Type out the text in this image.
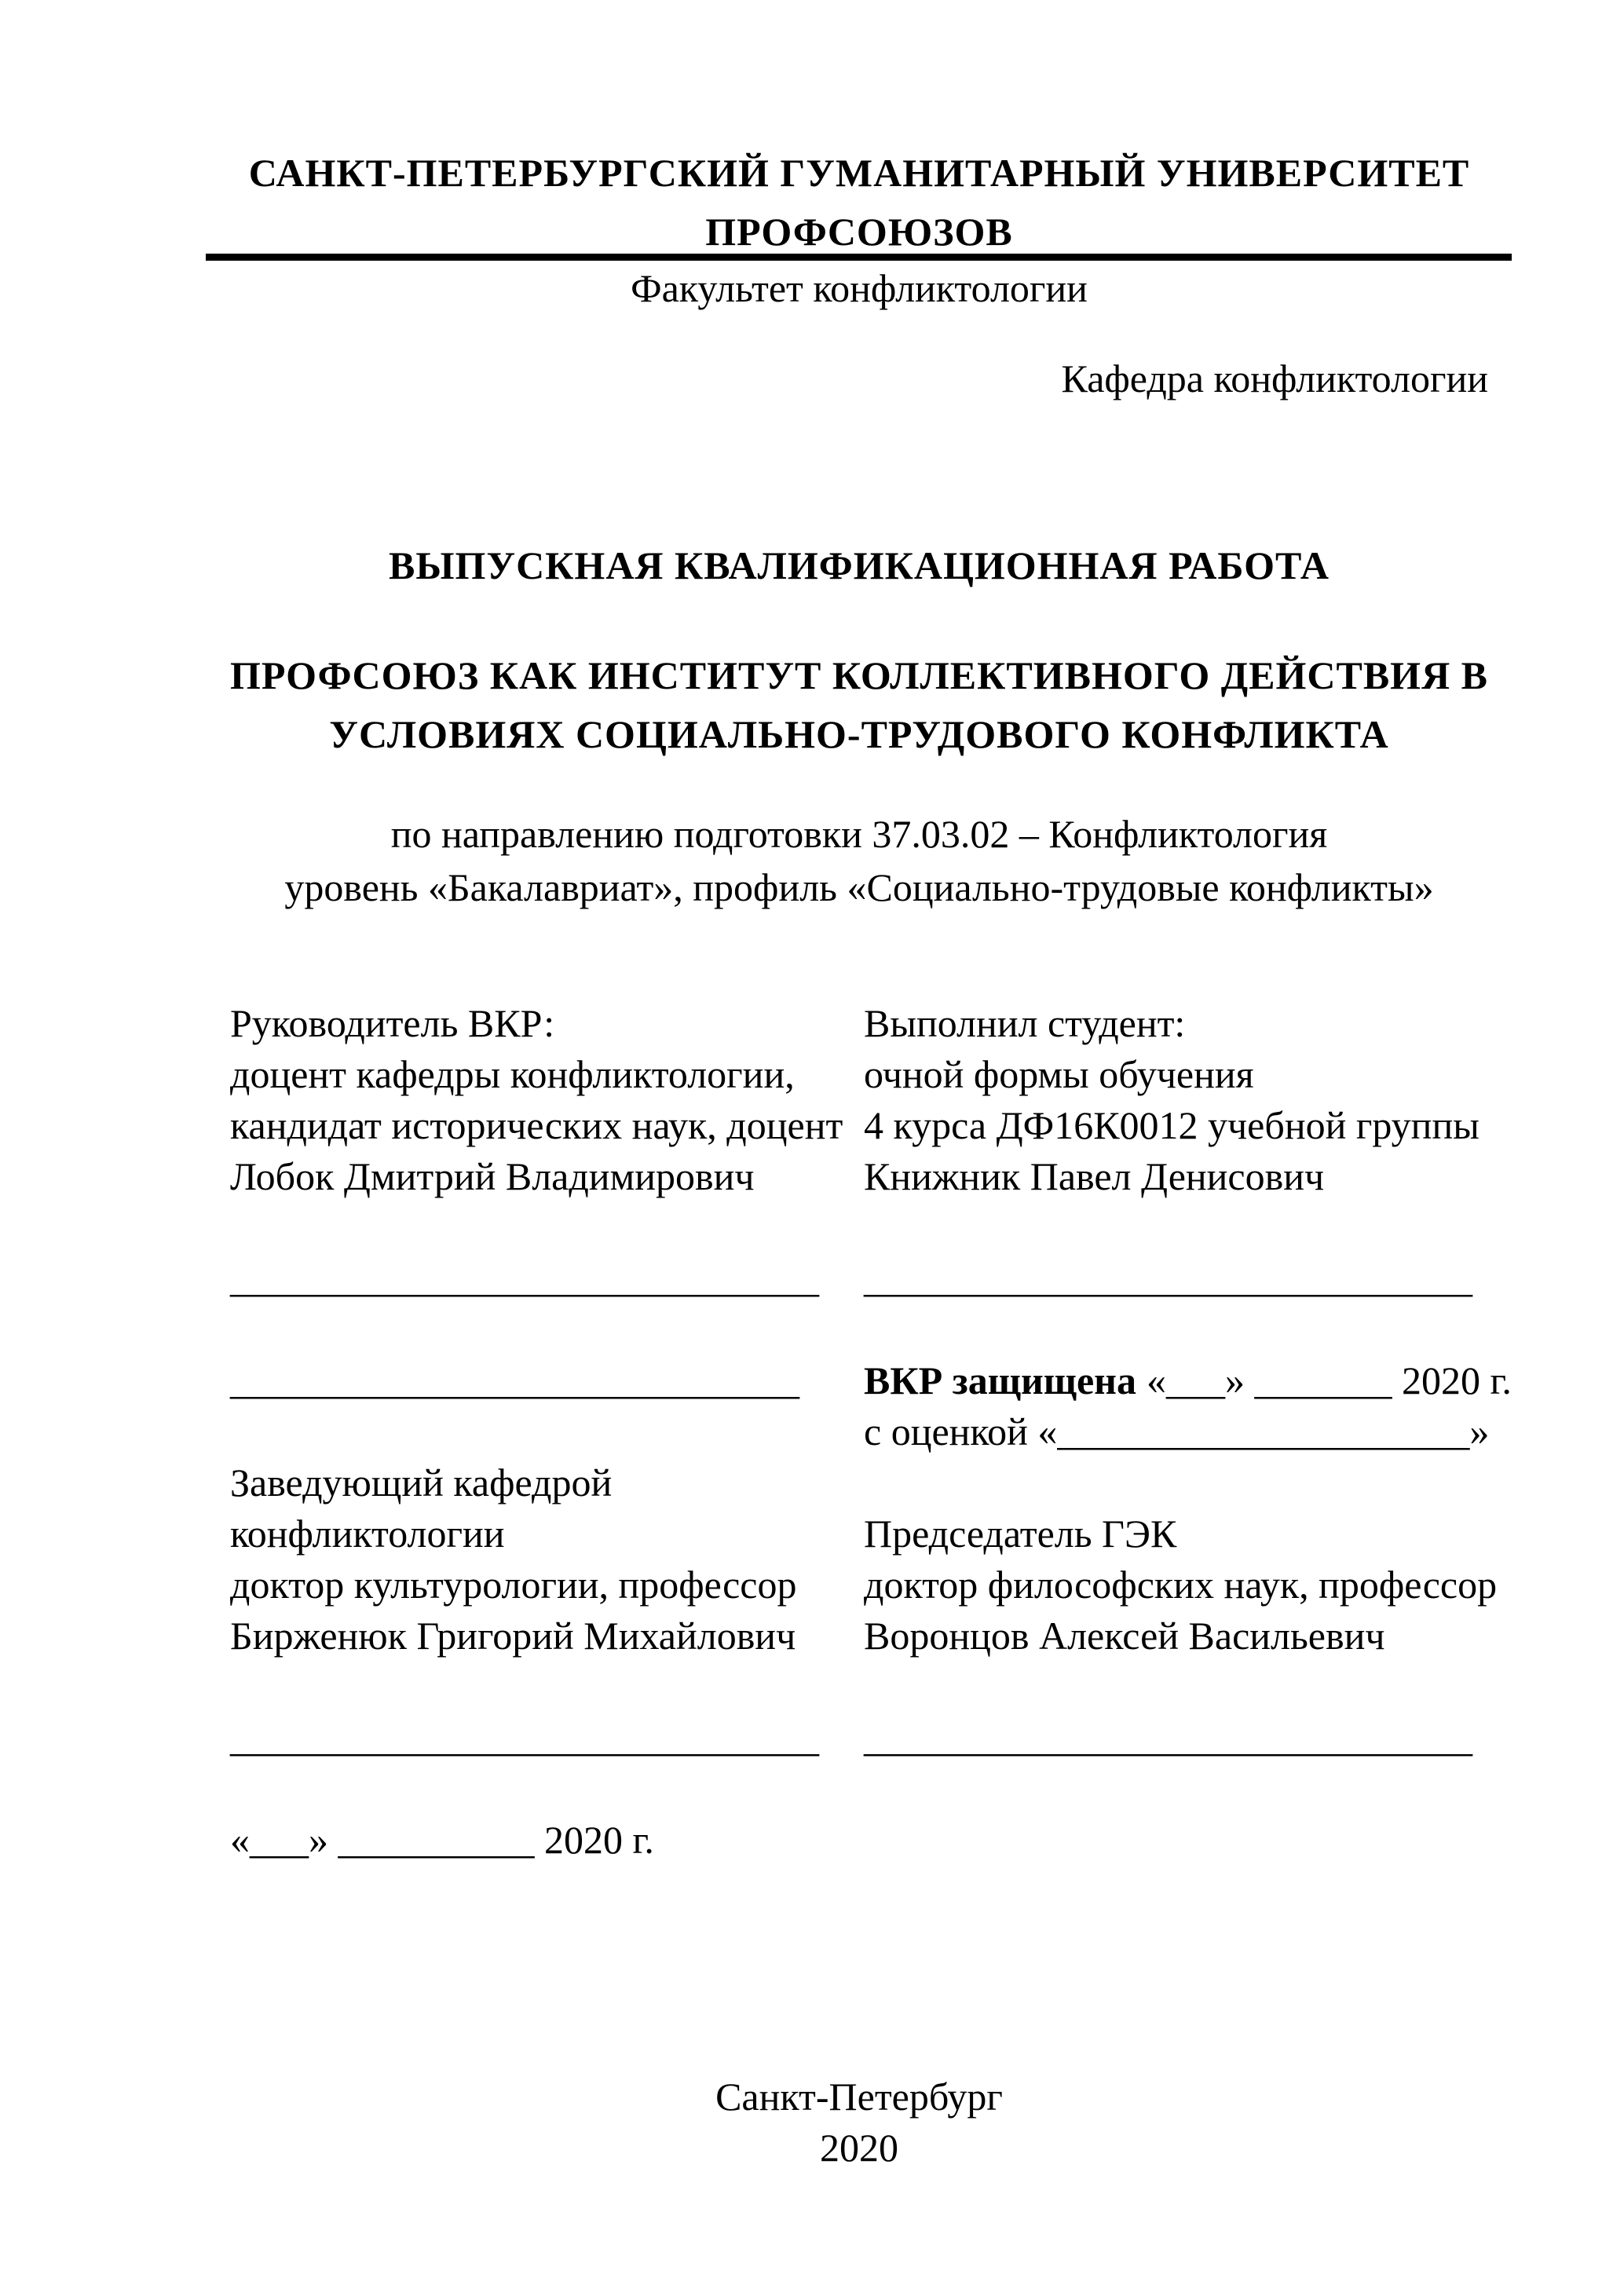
САНКТ-ПЕТЕРБУРГСКИЙ ГУМАНИТАРНЫЙ УНИВЕРСИТЕТ
ПРОФСОЮЗОВ
Факультет конфликтологии
Кафедра конфликтологии
ВЫПУСКНАЯ КВАЛИФИКАЦИОННАЯ РАБОТА
ПРОФСОЮЗ КАК ИНСТИТУТ КОЛЛЕКТИВНОГО ДЕЙСТВИЯ В
УСЛОВИЯХ СОЦИАЛЬНО-ТРУДОВОГО КОНФЛИКТА
по направлению подготовки 37.03.02 – Конфликтология
уровень «Бакалавриат», профиль «Социально-трудовые конфликты»
Руководитель ВКР:
доцент кафедры конфликтологии,
кандидат исторических наук, доцент
Лобок Дмитрий Владимирович
______________________________
_____________________________
Заведующий кафедрой
конфликтологии
доктор культурологии, профессор
Бирженюк Григорий Михайлович
______________________________
«___» __________ 2020 г.
Выполнил студент:
очной формы обучения
4 курса ДФ16К0012 учебной группы
Книжник Павел Денисович
_______________________________
ВКР защищена «___» _______ 2020 г.
с оценкой «_____________________»
Председатель ГЭК
доктор философских наук, профессор
Воронцов Алексей Васильевич
_______________________________
Санкт-Петербург
2020
